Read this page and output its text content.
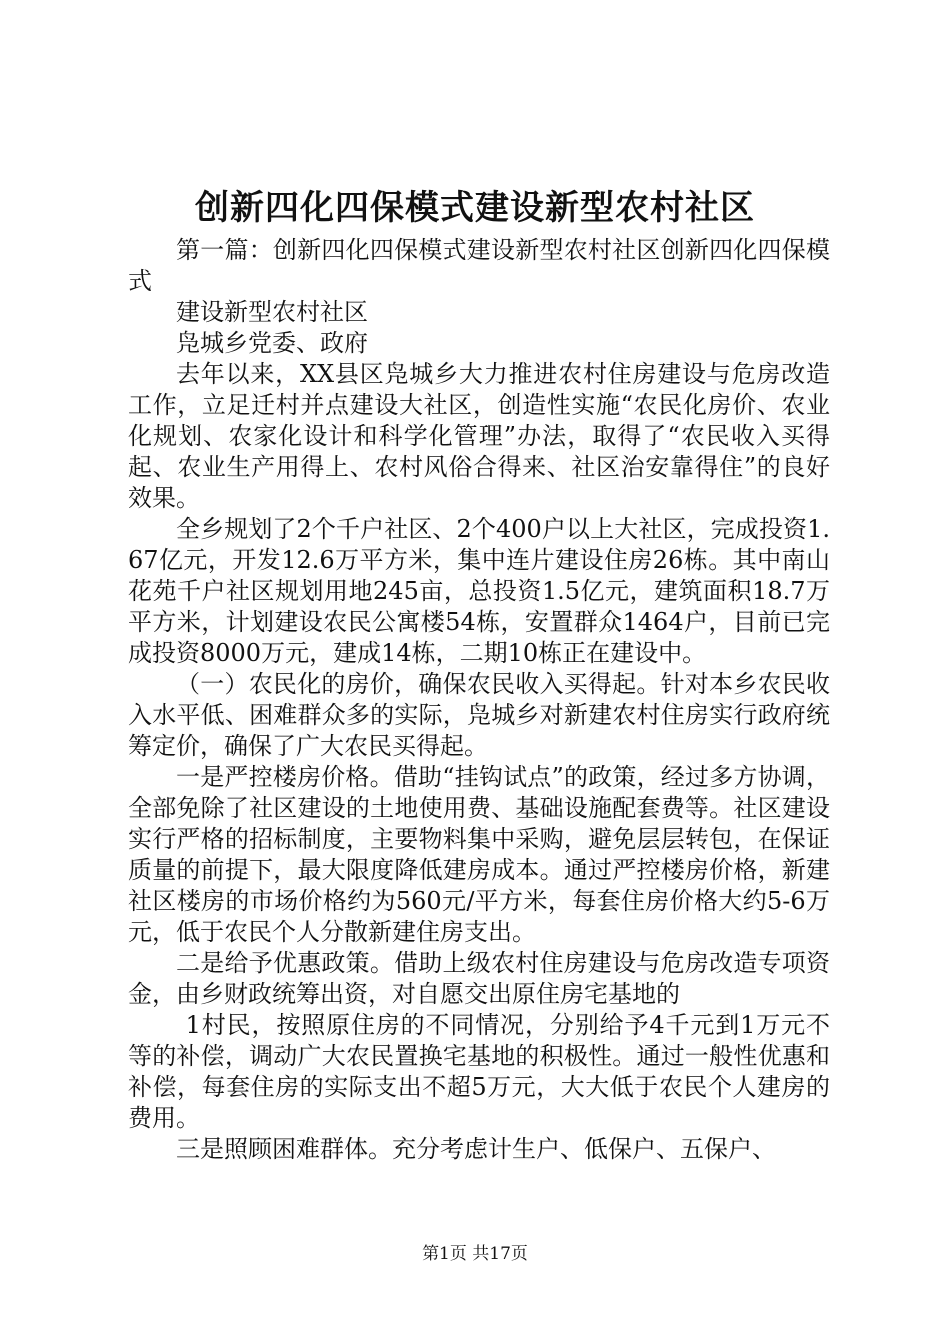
创新四化四保模式建设新型农村社区

第一篇：创新四化四保模式建设新型农村社区创新四化四保模式

建设新型农村社区

凫城乡党委、政府

去年以来，XX县区凫城乡大力推进农村住房建设与危房改造工作，立足迁村并点建设大社区，创造性实施“农民化房价、农业化规划、农家化设计和科学化管理”办法，取得了“农民收入买得起、农业生产用得上、农村风俗合得来、社区治安靠得住”的良好效果。

全乡规划了2个千户社区、2个400户以上大社区，完成投资1.67亿元，开发12.6万平方米，集中连片建设住房26栋。其中南山花苑千户社区规划用地245亩，总投资1.5亿元，建筑面积18.7万平方米，计划建设农民公寓楼54栋，安置群众1464户，目前已完成投资8000万元，建成14栋，二期10栋正在建设中。

（一）农民化的房价，确保农民收入买得起。针对本乡农民收入水平低、困难群众多的实际，凫城乡对新建农村住房实行政府统筹定价，确保了广大农民买得起。

一是严控楼房价格。借助“挂钩试点”的政策，经过多方协调，全部免除了社区建设的土地使用费、基础设施配套费等。社区建设实行严格的招标制度，主要物料集中采购，避免层层转包，在保证质量的前提下，最大限度降低建房成本。通过严控楼房价格，新建社区楼房的市场价格约为560元/平方米，每套住房价格大约5-6万元，低于农民个人分散新建住房支出。

二是给予优惠政策。借助上级农村住房建设与危房改造专项资金，由乡财政统筹出资，对自愿交出原住房宅基地的

1村民，按照原住房的不同情况，分别给予4千元到1万元不等的补偿，调动广大农民置换宅基地的积极性。通过一般性优惠和补偿，每套住房的实际支出不超5万元，大大低于农民个人建房的费用。

三是照顾困难群体。充分考虑计生户、低保户、五保户、

第1页 共17页
